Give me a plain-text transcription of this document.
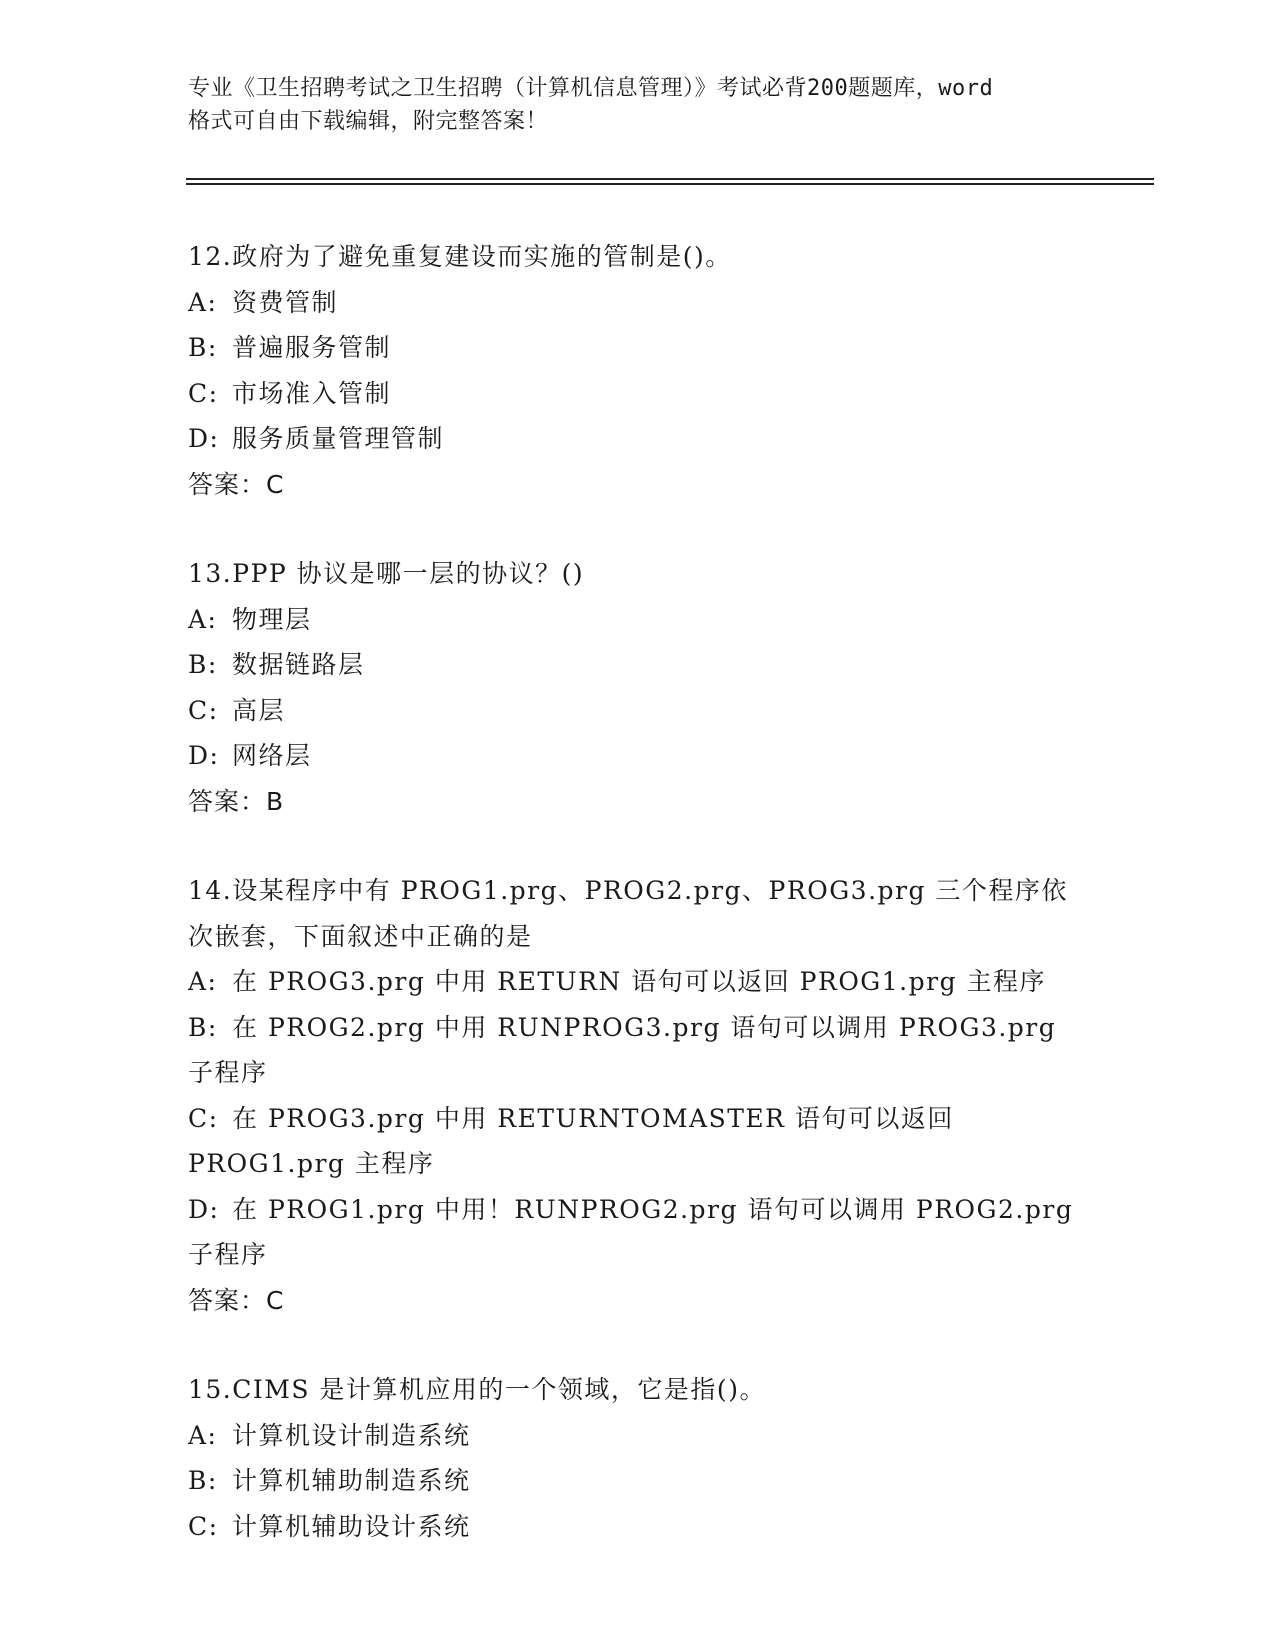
专业《卫生招聘考试之卫生招聘（计算机信息管理）》考试必背200题题库，word
格式可自由下载编辑，附完整答案！
12.政府为了避免重复建设而实施的管制是()。
A: 资费管制
B: 普遍服务管制
C: 市场准入管制
D: 服务质量管理管制
答案：C
13.PPP 协议是哪一层的协议？()
A: 物理层
B: 数据链路层
C: 高层
D: 网络层
答案：B
14.设某程序中有 PROG1.prg、PROG2.prg、PROG3.prg 三个程序依次嵌套，下面叙述中正确的是
A: 在 PROG3.prg 中用 RETURN 语句可以返回 PROG1.prg 主程序
B: 在 PROG2.prg 中用 RUNPROG3.prg 语句可以调用 PROG3.prg 子程序
C: 在 PROG3.prg 中用 RETURNTOMASTER 语句可以返回 PROG1.prg 主程序
D: 在 PROG1.prg 中用！RUNPROG2.prg 语句可以调用 PROG2.prg 子程序
答案：C
15.CIMS 是计算机应用的一个领域，它是指()。
A: 计算机设计制造系统
B: 计算机辅助制造系统
C: 计算机辅助设计系统
